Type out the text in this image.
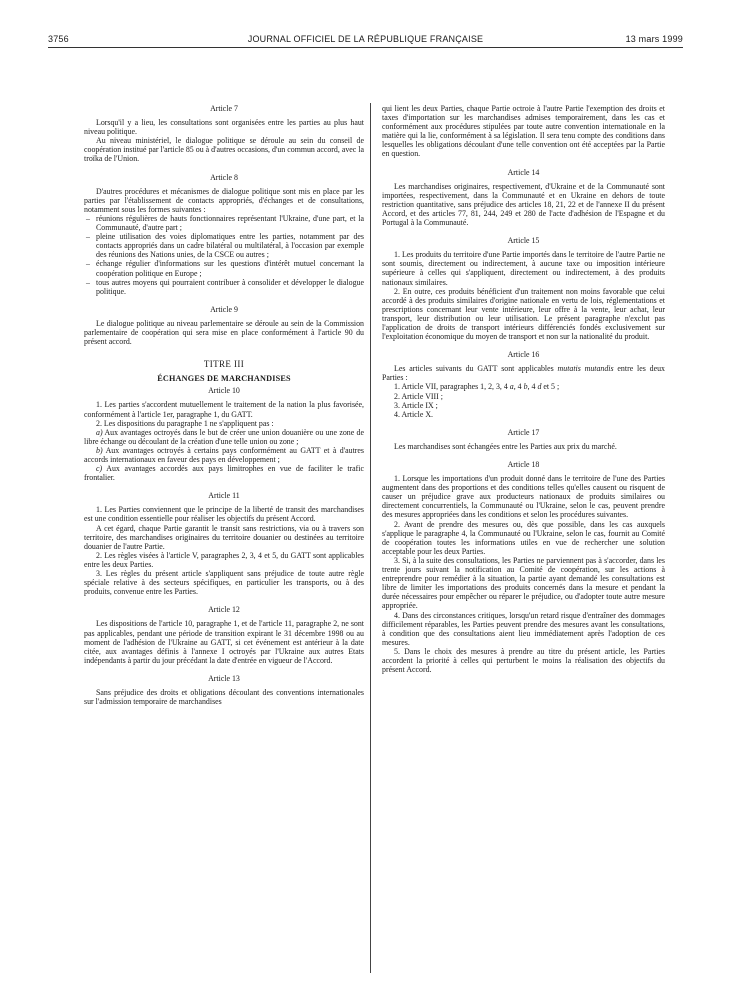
3756	JOURNAL OFFICIEL DE LA RÉPUBLIQUE FRANÇAISE	13 mars 1999
Article 7

Lorsqu'il y a lieu, les consultations sont organisées entre les parties au plus haut niveau politique.

Au niveau ministériel, le dialogue politique se déroule au sein du conseil de coopération institué par l'article 85 ou à d'autres occasions, d'un commun accord, avec la troïka de l'Union.

Article 8

D'autres procédures et mécanismes de dialogue politique sont mis en place par les parties par l'établissement de contacts appropriés, d'échanges et de consultations, notamment sous les formes suivantes :

– réunions régulières de hauts fonctionnaires représentant l'Ukraine, d'une part, et la Communauté, d'autre part ;
– pleine utilisation des voies diplomatiques entre les parties, notamment par des contacts appropriés dans un cadre bilatéral ou multilatéral, à l'occasion par exemple des réunions des Nations unies, de la CSCE ou autres ;
– échange régulier d'informations sur les questions d'intérêt mutuel concernant la coopération politique en Europe ;
– tous autres moyens qui pourraient contribuer à consolider et développer le dialogue politique.
Article 9

Le dialogue politique au niveau parlementaire se déroule au sein de la Commission parlementaire de coopération qui sera mise en place conformément à l'article 90 du présent accord.

TITRE III
ÉCHANGES DE MARCHANDISES
Article 10

1. Les parties s'accordent mutuellement le traitement de la nation la plus favorisée, conformément à l'article 1er, paragraphe 1, du GATT.

2. Les dispositions du paragraphe 1 ne s'appliquent pas :

a) Aux avantages octroyés dans le but de créer une union douanière ou une zone de libre échange ou découlant de la création d'une telle union ou zone ;

b) Aux avantages octroyés à certains pays conformément au GATT et à d'autres accords internationaux en faveur des pays en développement ;

c) Aux avantages accordés aux pays limitrophes en vue de faciliter le trafic frontalier.

Article 11

1. Les Parties conviennent que le principe de la liberté de transit des marchandises est une condition essentielle pour réaliser les objectifs du présent Accord.

A cet égard, chaque Partie garantit le transit sans restrictions, via ou à travers son territoire, des marchandises originaires du territoire douanier ou destinées au territoire douanier de l'autre Partie.

2. Les règles visées à l'article V, paragraphes 2, 3, 4 et 5, du GATT sont applicables entre les deux Parties.

3. Les règles du présent article s'appliquent sans préjudice de toute autre règle spéciale relative à des secteurs spécifiques, en particulier les transports, ou à des produits, convenue entre les Parties.

Article 12

Les dispositions de l'article 10, paragraphe 1, et de l'article 11, paragraphe 2, ne sont pas applicables, pendant une période de transition expirant le 31 décembre 1998 ou au moment de l'adhésion de l'Ukraine au GATT, si cet événement est antérieur à la date citée, aux avantages définis à l'annexe I octroyés par l'Ukraine aux autres Etats indépendants à partir du jour précédant la date d'entrée en vigueur de l'Accord.

Article 13

Sans préjudice des droits et obligations découlant des conventions internationales sur l'admission temporaire de marchandises

qui lient les deux Parties, chaque Partie octroie à l'autre Partie l'exemption des droits et taxes d'importation sur les marchandises admises temporairement, dans les cas et conformément aux procédures stipulées par toute autre convention internationale en la matière qui la lie, conformément à sa législation. Il sera tenu compte des conditions dans lesquelles les obligations découlant d'une telle convention ont été acceptées par la Partie en question.

Article 14

Les marchandises originaires, respectivement, d'Ukraine et de la Communauté sont importées, respectivement, dans la Communauté et en Ukraine en dehors de toute restriction quantitative, sans préjudice des articles 18, 21, 22 et de l'annexe II du présent Accord, et des articles 77, 81, 244, 249 et 280 de l'acte d'adhésion de l'Espagne et du Portugal à la Communauté.

Article 15

1. Les produits du territoire d'une Partie importés dans le territoire de l'autre Partie ne sont soumis, directement ou indirectement, à aucune taxe ou imposition intérieure supérieure à celles qui s'appliquent, directement ou indirectement, à des produits nationaux similaires.

2. En outre, ces produits bénéficient d'un traitement non moins favorable que celui accordé à des produits similaires d'origine nationale en vertu de lois, réglementations et prescriptions concernant leur vente intérieure, leur offre à la vente, leur achat, leur transport, leur distribution ou leur utilisation. Le présent paragraphe n'exclut pas l'application de droits de transport intérieurs différenciés fondés exclusivement sur l'exploitation économique du moyen de transport et non sur la nationalité du produit.

Article 16

Les articles suivants du GATT sont applicables mutatis mutandis entre les deux Parties :

1. Article VII, paragraphes 1, 2, 3, 4 a, 4 b, 4 d et 5 ;

2. Article VIII ;

3. Article IX ;

4. Article X.

Article 17

Les marchandises sont échangées entre les Parties aux prix du marché.

Article 18

1. Lorsque les importations d'un produit donné dans le territoire de l'une des Parties augmentent dans des proportions et des conditions telles qu'elles causent ou risquent de causer un préjudice grave aux producteurs nationaux de produits similaires ou directement concurrentiels, la Communauté ou l'Ukraine, selon le cas, peuvent prendre des mesures appropriées dans les conditions et selon les procédures suivantes.

2. Avant de prendre des mesures ou, dès que possible, dans les cas auxquels s'applique le paragraphe 4, la Communauté ou l'Ukraine, selon le cas, fournit au Comité de coopération toutes les informations utiles en vue de rechercher une solution acceptable pour les deux Parties.

3. Si, à la suite des consultations, les Parties ne parviennent pas à s'accorder, dans les trente jours suivant la notification au Comité de coopération, sur les actions à entreprendre pour remédier à la situation, la partie ayant demandé les consultations est libre de limiter les importations des produits concernés dans la mesure et pendant la durée nécessaires pour empêcher ou réparer le préjudice, ou d'adopter toute autre mesure appropriée.

4. Dans des circonstances critiques, lorsqu'un retard risque d'entraîner des dommages difficilement réparables, les Parties peuvent prendre des mesures avant les consultations, à condition que des consultations aient lieu immédiatement après l'adoption de ces mesures.

5. Dans le choix des mesures à prendre au titre du présent article, les Parties accordent la priorité à celles qui perturbent le moins la réalisation des objectifs du présent Accord.
